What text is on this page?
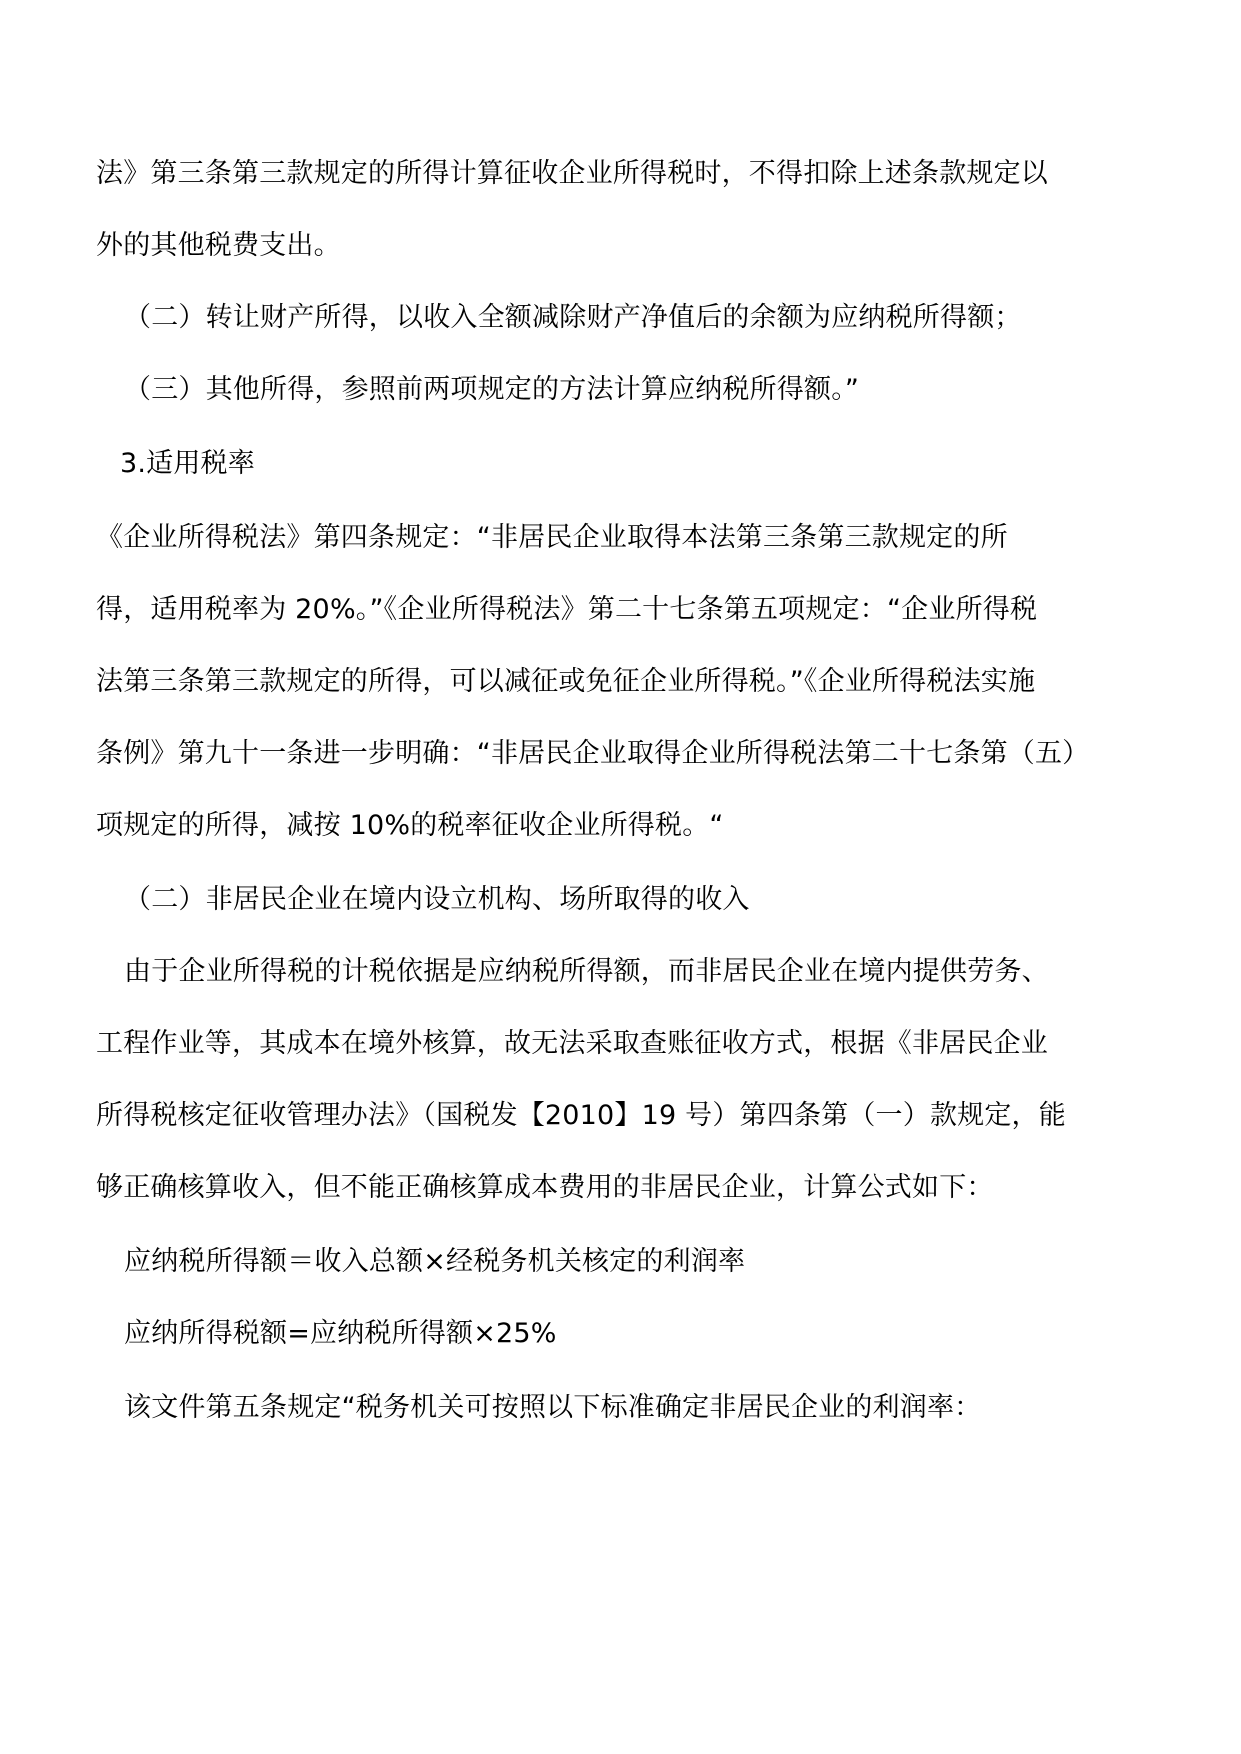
法》第三条第三款规定的所得计算征收企业所得税时，不得扣除上述条款规定以
外的其他税费支出。
（二）转让财产所得，以收入全额减除财产净值后的余额为应纳税所得额；
（三）其他所得，参照前两项规定的方法计算应纳税所得额。”
3.适用税率
《企业所得税法》第四条规定：“非居民企业取得本法第三条第三款规定的所
得，适用税率为 20%。”《企业所得税法》第二十七条第五项规定：“企业所得税
法第三条第三款规定的所得，可以减征或免征企业所得税。”《企业所得税法实施
条例》第九十一条进一步明确：“非居民企业取得企业所得税法第二十七条第（五）
项规定的所得，减按 10%的税率征收企业所得税。“
（二）非居民企业在境内设立机构、场所取得的收入
由于企业所得税的计税依据是应纳税所得额，而非居民企业在境内提供劳务、
工程作业等，其成本在境外核算，故无法采取查账征收方式，根据《非居民企业
所得税核定征收管理办法》（国税发【2010】19 号）第四条第（一）款规定，能
够正确核算收入，但不能正确核算成本费用的非居民企业，计算公式如下：
应纳税所得额＝收入总额×经税务机关核定的利润率
应纳所得税额=应纳税所得额×25%
该文件第五条规定“税务机关可按照以下标准确定非居民企业的利润率：
